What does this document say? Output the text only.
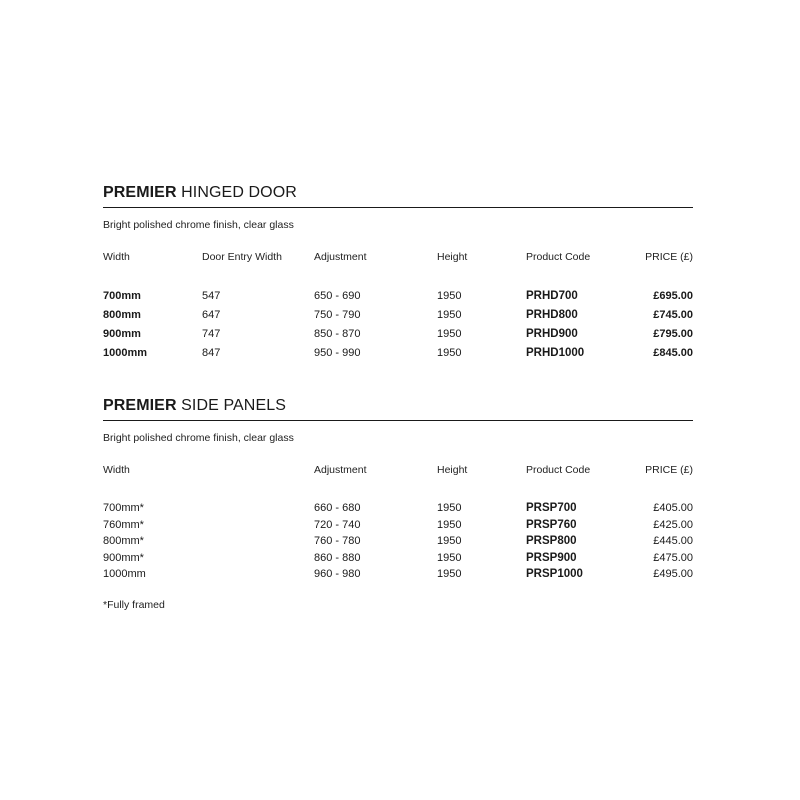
PREMIER HINGED DOOR
Bright polished chrome finish, clear glass
Width	Door Entry Width	Adjustment	Height	Product Code	PRICE (£)
700mm	547	650 - 690	1950	PRHD700	£695.00
800mm	647	750 - 790	1950	PRHD800	£745.00
900mm	747	850 - 870	1950	PRHD900	£795.00
1000mm	847	950 - 990	1950	PRHD1000	£845.00
PREMIER SIDE PANELS
Bright polished chrome finish, clear glass
Width	Adjustment	Height	Product Code	PRICE (£)
700mm*	660 - 680	1950	PRSP700	£405.00
760mm*	720 - 740	1950	PRSP760	£425.00
800mm*	760 - 780	1950	PRSP800	£445.00
900mm*	860 - 880	1950	PRSP900	£475.00
1000mm	960 - 980	1950	PRSP1000	£495.00
*Fully framed
